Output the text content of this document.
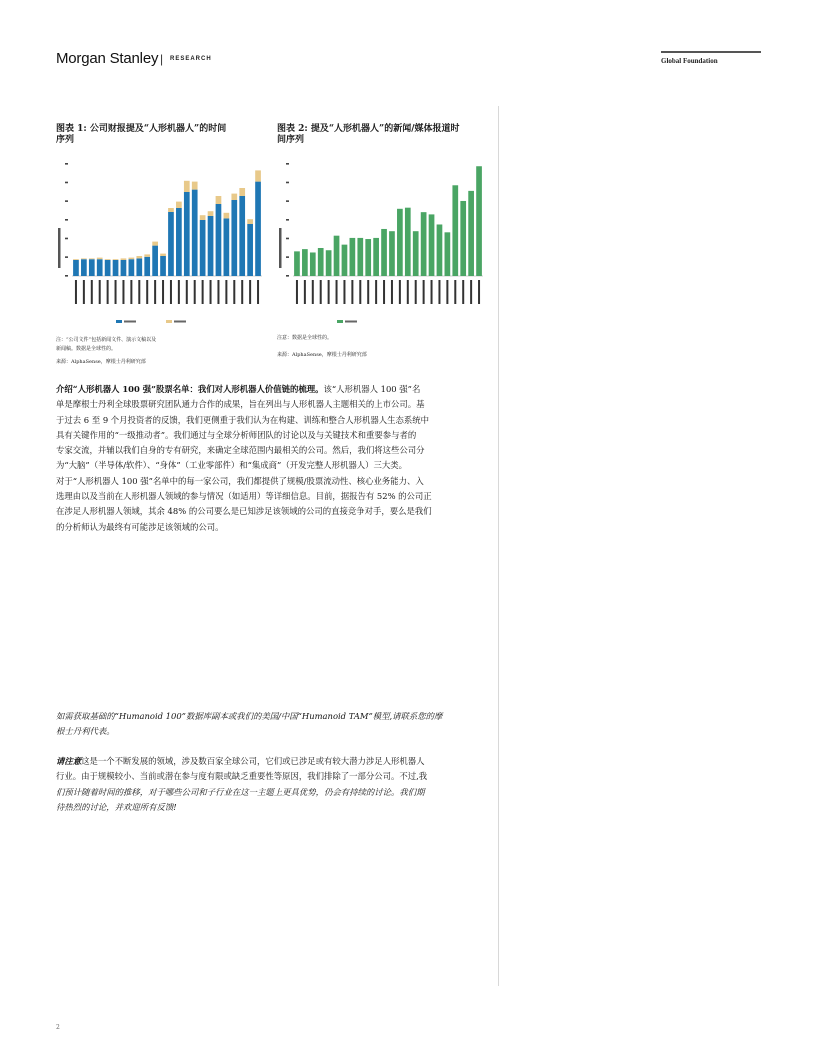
Morgan Stanley | RESEARCH	Global Foundation
图表 1: 公司财报提及“人形机器人”的时间
序列
注：“公司文件”包括新闻文件、演示文稿以及
新闻稿。数据是全球性的。
来源：AlphaSense，摩根士丹利研究部
图表 2: 提及“人形机器人”的新闻/媒体报道时
间序列
注意：数据是全球性的。
来源：AlphaSense，摩根士丹利研究部
介绍“人形机器人 100 强”股票名单：我们对人形机器人价值链的梳理。该“人形机器人 100 强”名
单是摩根士丹利全球股票研究团队通力合作的成果，旨在列出与人形机器人主题相关的上市公司。基
于过去 6 至 9 个月投资者的反馈，我们更侧重于我们认为在构建、训练和整合人形机器人生态系统中
具有关键作用的“一级推动者”。我们通过与全球分析师团队的讨论以及与关键技术和重要参与者的
专家交流，并辅以我们自身的专有研究，来确定全球范围内最相关的公司。然后，我们将这些公司分
为“大脑”（半导体/软件）、“身体”（工业零部件）和“集成商”（开发完整人形机器人）三大类。
对于“人形机器人 100 强”名单中的每一家公司，我们都提供了规模/股票流动性、核心业务能力、入
选理由以及当前在人形机器人领域的参与情况（如适用）等详细信息。目前，据报告有 52% 的公司正
在涉足人形机器人领域，其余 48% 的公司要么是已知涉足该领域的公司的直接竞争对手，要么是我们
的分析师认为最终有可能涉足该领域的公司。
如需获取基础的“Humanoid 100”数据库副本或我们的美国/中国“Humanoid TAM”模型,请联系您的摩
根士丹利代表。
请注意这是一个不断发展的领域，涉及数百家全球公司，它们或已涉足或有较大潜力涉足人形机器人
行业。由于规模较小、当前或潜在参与度有限或缺乏重要性等原因，我们排除了一部分公司。不过,我
们预计随着时间的推移，对于哪些公司和子行业在这一主题上更具优势，仍会有持续的讨论。我们期
待热烈的讨论，并欢迎所有反馈!
2
